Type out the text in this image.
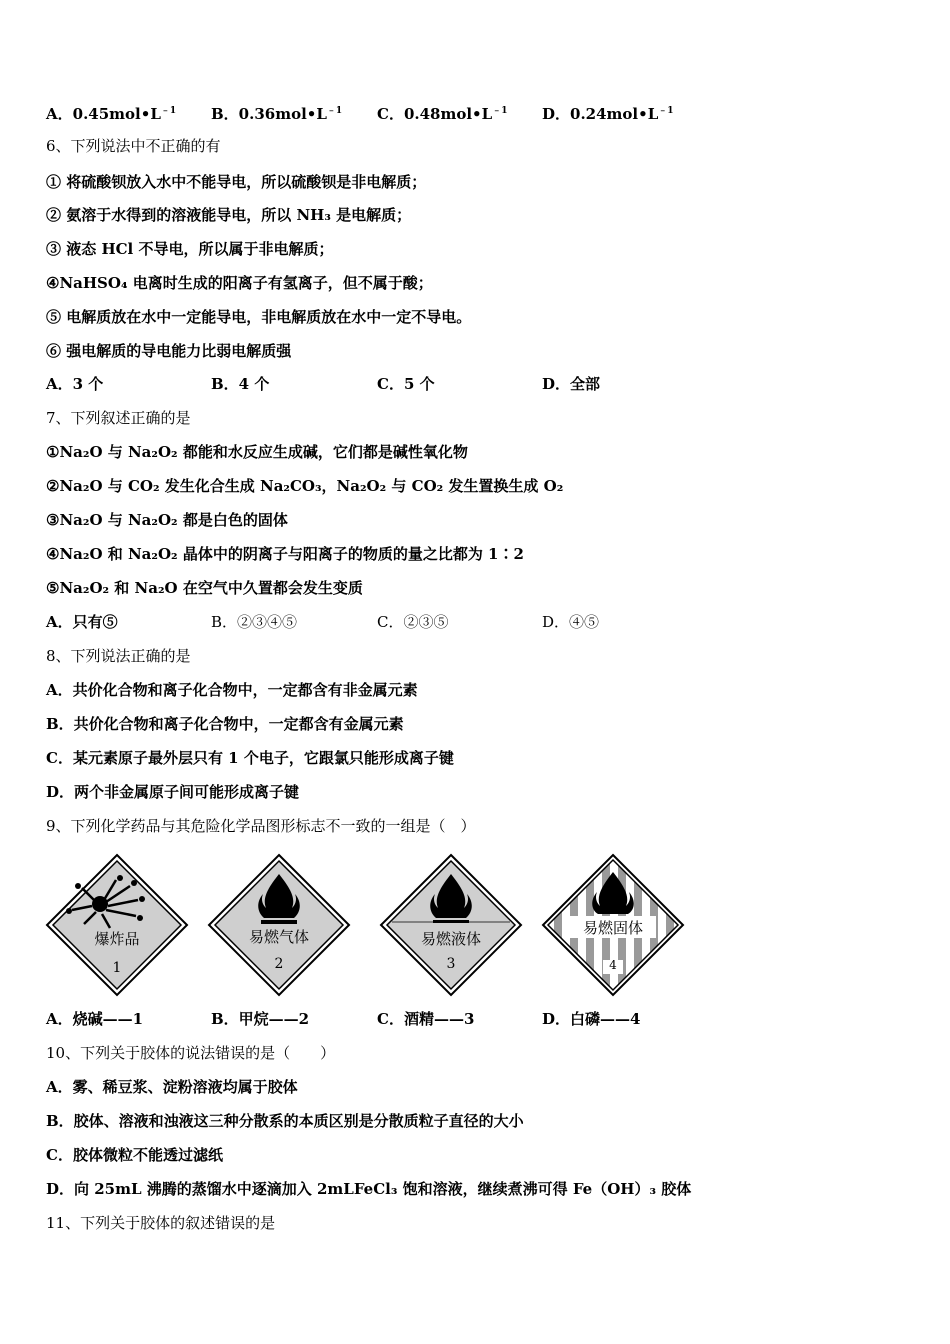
A．$0.45mol•L^{﹣1}$ B．$0.36mol•L^{﹣1}$ C．$0.48mol•L^{﹣1}$ D．$0.24mol•L^{﹣1}$
6、下列说法中不正确的有
① 将硫酸钡放入水中不能导电，所以硫酸钡是非电解质；
② 氨溶于水得到的溶液能导电，所以 NH₃ 是电解质；
③ 液态 HCl 不导电，所以属于非电解质；
④NaHSO₄ 电离时生成的阳离子有氢离子，但不属于酸；
⑤ 电解质放在水中一定能导电，非电解质放在水中一定不导电。
⑥ 强电解质的导电能力比弱电解质强
A．3 个	B．4 个	C．5 个	D．全部
7、下列叙述正确的是
①Na₂O 与 Na₂O₂ 都能和水反应生成碱，它们都是碱性氧化物
②Na₂O 与 CO₂ 发生化合生成 Na₂CO₃，Na₂O₂ 与 CO₂ 发生置换生成 O₂
③Na₂O 与 Na₂O₂ 都是白色的固体
④Na₂O 和 Na₂O₂ 晶体中的阴离子与阳离子的物质的量之比都为 1∶2
⑤Na₂O₂ 和 Na₂O 在空气中久置都会发生变质
A．只有⑤	B．②③④⑤	C．②③⑤	D．④⑤
8、下列说法正确的是
A．共价化合物和离子化合物中，一定都含有非金属元素
B．共价化合物和离子化合物中，一定都含有金属元素
C．某元素原子最外层只有 1 个电子，它跟氯只能形成离子键
D．两个非金属原子间可能形成离子键
9、下列化学药品与其危险化学品图形标志不一致的一组是（　）
爆炸品
1
易燃气体
2
易燃液体
3
易燃固体
4
A．烧碱——1	B．甲烷——2	C．酒精——3	D．白磷——4
10、下列关于胶体的说法错误的是（　　）
A．雾、稀豆浆、淀粉溶液均属于胶体
B．胶体、溶液和浊液这三种分散系的本质区别是分散质粒子直径的大小
C．胶体微粒不能透过滤纸
D．向 25mL 沸腾的蒸馏水中逐滴加入 2mLFeCl₃ 饱和溶液，继续煮沸可得 Fe（OH）₃ 胶体
11、下列关于胶体的叙述错误的是
